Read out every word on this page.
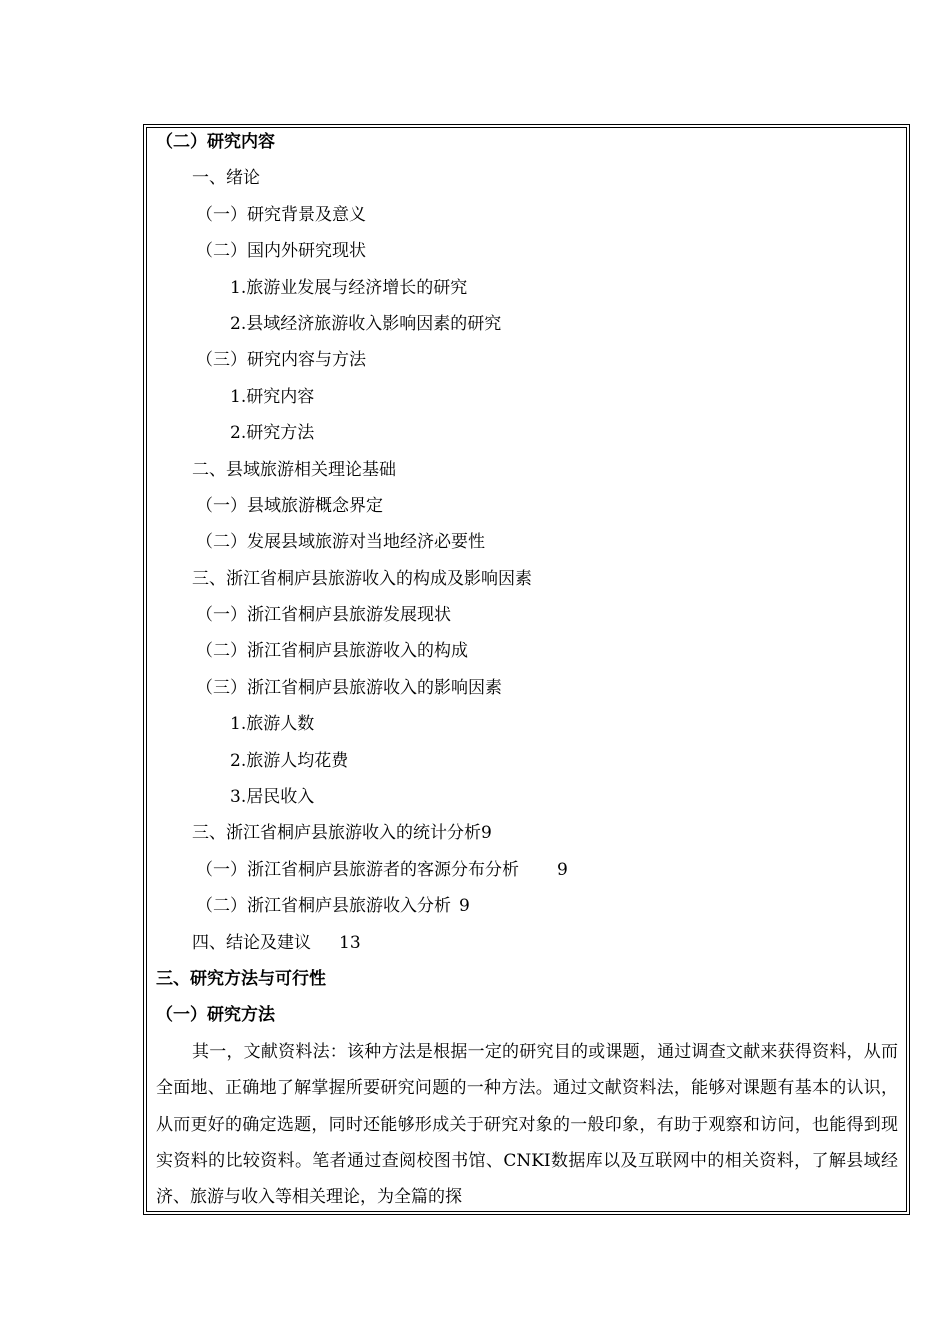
（二）研究内容
一、绪论
（一）研究背景及意义
（二）国内外研究现状
1.旅游业发展与经济增长的研究
2.县域经济旅游收入影响因素的研究
（三）研究内容与方法
1.研究内容
2.研究方法
二、县域旅游相关理论基础
（一）县域旅游概念界定
（二）发展县域旅游对当地经济必要性
三、浙江省桐庐县旅游收入的构成及影响因素
（一）浙江省桐庐县旅游发展现状
（二）浙江省桐庐县旅游收入的构成
（三）浙江省桐庐县旅游收入的影响因素
1.旅游人数
2.旅游人均花费
3.居民收入
三、浙江省桐庐县旅游收入的统计分析9
（一）浙江省桐庐县旅游者的客源分布分析 9
（二）浙江省桐庐县旅游收入分析 9
四、结论及建议 13
三、研究方法与可行性
（一）研究方法

其一，文献资料法：该种方法是根据一定的研究目的或课题，通过调查文献来获得资料，从而全面地、正确地了解掌握所要研究问题的一种方法。通过文献资料法，能够对课题有基本的认识，从而更好的确定选题，同时还能够形成关于研究对象的一般印象，有助于观察和访问，也能得到现实资料的比较资料。笔者通过查阅校图书馆、CNKI数据库以及互联网中的相关资料，了解县域经济、旅游与收入等相关理论，为全篇的探
